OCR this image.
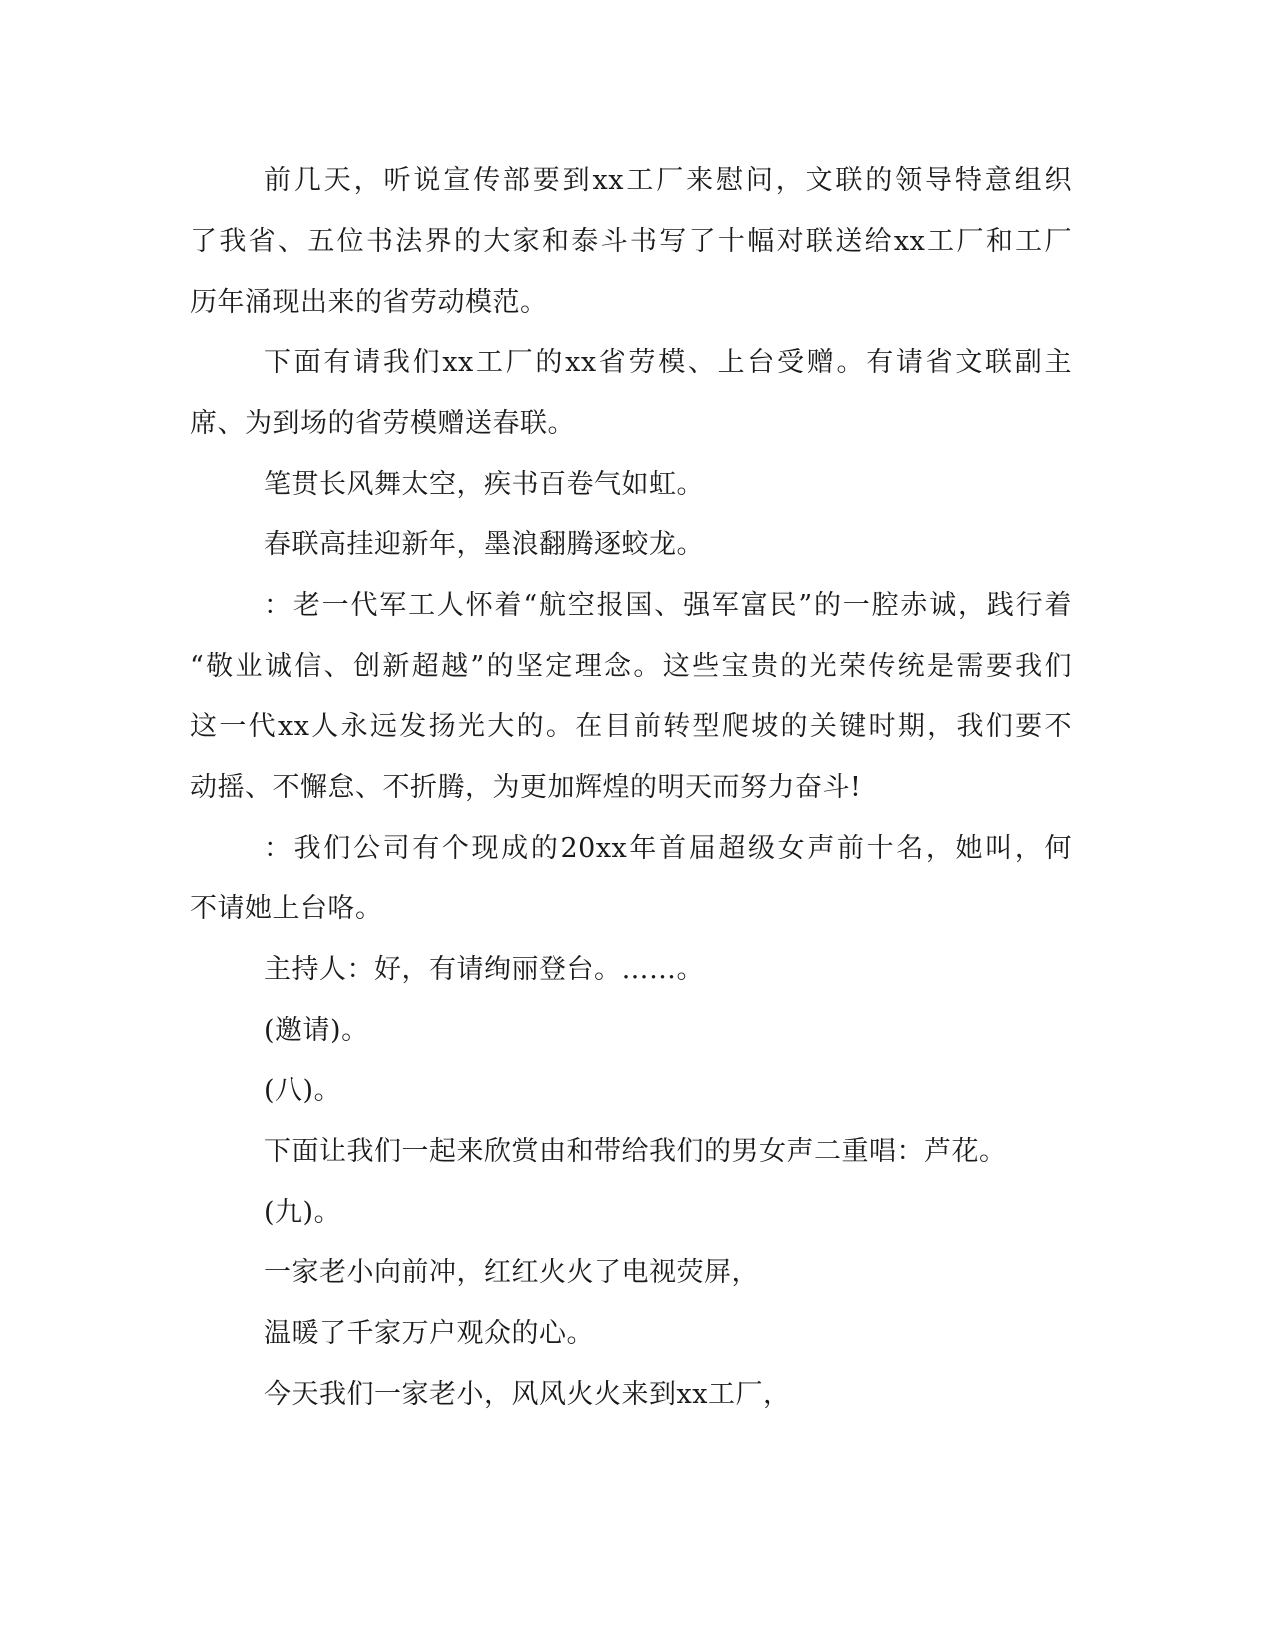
前几天，听说宣传部要到xx工厂来慰问，文联的领导特意组织
了我省、五位书法界的大家和泰斗书写了十幅对联送给xx工厂和工厂
历年涌现出来的省劳动模范。
下面有请我们xx工厂的xx省劳模、上台受赠。有请省文联副主
席、为到场的省劳模赠送春联。
笔贯长风舞太空，疾书百卷气如虹。
春联高挂迎新年，墨浪翻腾逐蛟龙。
：老一代军工人怀着“航空报国、强军富民”的一腔赤诚，践行着
“敬业诚信、创新超越”的坚定理念。这些宝贵的光荣传统是需要我们
这一代xx人永远发扬光大的。在目前转型爬坡的关键时期，我们要不
动摇、不懈怠、不折腾，为更加辉煌的明天而努力奋斗!
：我们公司有个现成的20xx年首届超级女声前十名，她叫，何
不请她上台咯。
主持人：好，有请绚丽登台。……。
(邀请)。
(八)。
下面让我们一起来欣赏由和带给我们的男女声二重唱：芦花。
(九)。
一家老小向前冲，红红火火了电视荧屏，
温暖了千家万户观众的心。
今天我们一家老小，风风火火来到xx工厂，
